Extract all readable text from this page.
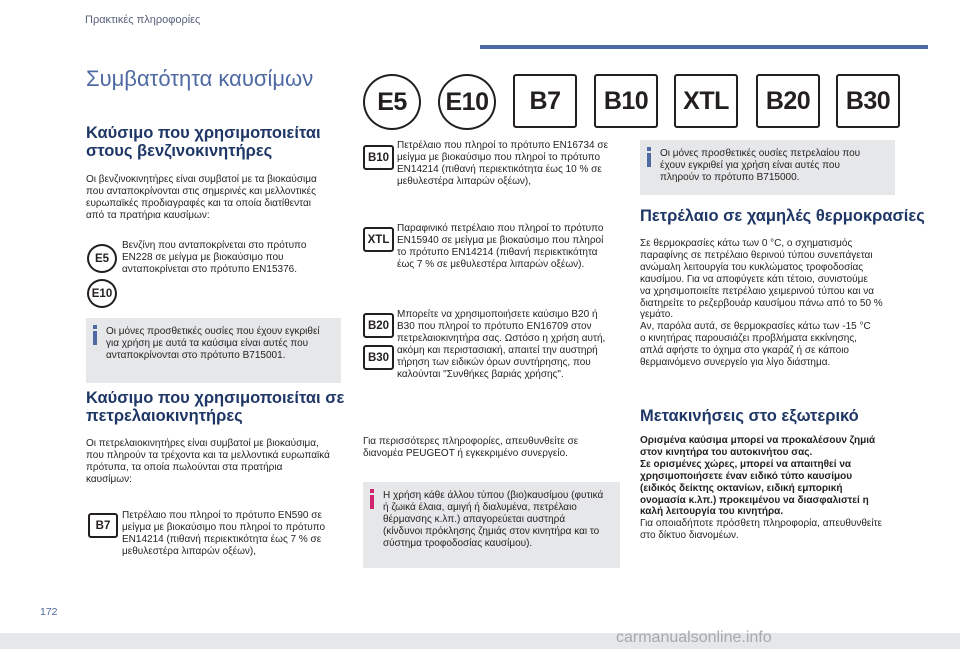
Πρακτικές πληροφορίες
Συμβατότητα καυσίμων
E5	E10	B7	B10	XTL	B20	B30
Καύσιμο που χρησιμοποιείται
στους βενζινοκινητήρες
Οι βενζινοκινητήρες είναι συμβατοί με τα βιοκαύσιμα
που ανταποκρίνονται στις σημερινές και μελλοντικές
ευρωπαϊκές προδιαγραφές και τα οποία διατίθενται
από τα πρατήρια καυσίμων:
E5
E10
Βενζίνη που ανταποκρίνεται στο πρότυπο
EN228 σε μείγμα με βιοκαύσιμο που
ανταποκρίνεται στο πρότυπο EN15376.
Οι μόνες προσθετικές ουσίες που έχουν εγκριθεί
για χρήση με αυτά τα καύσιμα είναι αυτές που
ανταποκρίνονται στο πρότυπο B715001.
Καύσιμο που χρησιμοποιείται σε
πετρελαιοκινητήρες
Οι πετρελαιοκινητήρες είναι συμβατοί με βιοκαύσιμα,
που πληρούν τα τρέχοντα και τα μελλοντικά ευρωπαϊκά
πρότυπα, τα οποία πωλούνται στα πρατήρια
καυσίμων:
B7
Πετρέλαιο που πληροί το πρότυπο EN590 σε
μείγμα με βιοκαύσιμο που πληροί το πρότυπο
EN14214 (πιθανή περιεκτικότητα έως 7 % σε
μεθυλεστέρα λιπαρών οξέων),
B10
Πετρέλαιο που πληροί το πρότυπο EN16734 σε
μείγμα με βιοκαύσιμο που πληροί το πρότυπο
EN14214 (πιθανή περιεκτικότητα έως 10 % σε
μεθυλεστέρα λιπαρών οξέων),
XTL
Παραφινικό πετρέλαιο που πληροί το πρότυπο
EN15940 σε μείγμα με βιοκαύσιμο που πληροί
το πρότυπο EN14214 (πιθανή περιεκτικότητα
έως 7 % σε μεθυλεστέρα λιπαρών οξέων).
B20
B30
Μπορείτε να χρησιμοποιήσετε καύσιμο B20 ή
B30 που πληροί το πρότυπο EN16709 στον
πετρελαιοκινητήρα σας. Ωστόσο η χρήση αυτή,
ακόμη και περιστασιακή, απαιτεί την αυστηρή
τήρηση των ειδικών όρων συντήρησης, που
καλούνται "Συνθήκες βαριάς χρήσης".
Για περισσότερες πληροφορίες, απευθυνθείτε σε
διανομέα PEUGEOT ή εγκεκριμένο συνεργείο.
Η χρήση κάθε άλλου τύπου (βιο)καυσίμου (φυτικά
ή ζωικά έλαια, αμιγή ή διαλυμένα, πετρέλαιο
θέρμανσης κ.λπ.) απαγορεύεται αυστηρά
(κίνδυνοι πρόκλησης ζημιάς στον κινητήρα και το
σύστημα τροφοδοσίας καυσίμου).
Οι μόνες προσθετικές ουσίες πετρελαίου που
έχουν εγκριθεί για χρήση είναι αυτές που
πληρούν το πρότυπο B715000.
Πετρέλαιο σε χαμηλές θερμοκρασίες
Σε θερμοκρασίες κάτω των 0 °C, ο σχηματισμός
παραφίνης σε πετρέλαιο θερινού τύπου συνεπάγεται
ανώμαλη λειτουργία του κυκλώματος τροφοδοσίας
καυσίμου. Για να αποφύγετε κάτι τέτοιο, συνιστούμε
να χρησιμοποιείτε πετρέλαιο χειμερινού τύπου και να
διατηρείτε το ρεζερβουάρ καυσίμου πάνω από το 50 %
γεμάτο.
Αν, παρόλα αυτά, σε θερμοκρασίες κάτω των -15 °C
ο κινητήρας παρουσιάζει προβλήματα εκκίνησης,
απλά αφήστε το όχημα στο γκαράζ ή σε κάποιο
θερμαινόμενο συνεργείο για λίγο διάστημα.
Μετακινήσεις στο εξωτερικό
Ορισμένα καύσιμα μπορεί να προκαλέσουν ζημιά
στον κινητήρα του αυτοκινήτου σας.
Σε ορισμένες χώρες, μπορεί να απαιτηθεί να
χρησιμοποιήσετε έναν ειδικό τύπο καυσίμου
(ειδικός δείκτης οκτανίων, ειδική εμπορική
ονομασία κ.λπ.) προκειμένου να διασφαλιστεί η
καλή λειτουργία του κινητήρα.
Για οποιαδήποτε πρόσθετη πληροφορία, απευθυνθείτε
στο δίκτυο διανομέων.
172
carmanualsonline.info
